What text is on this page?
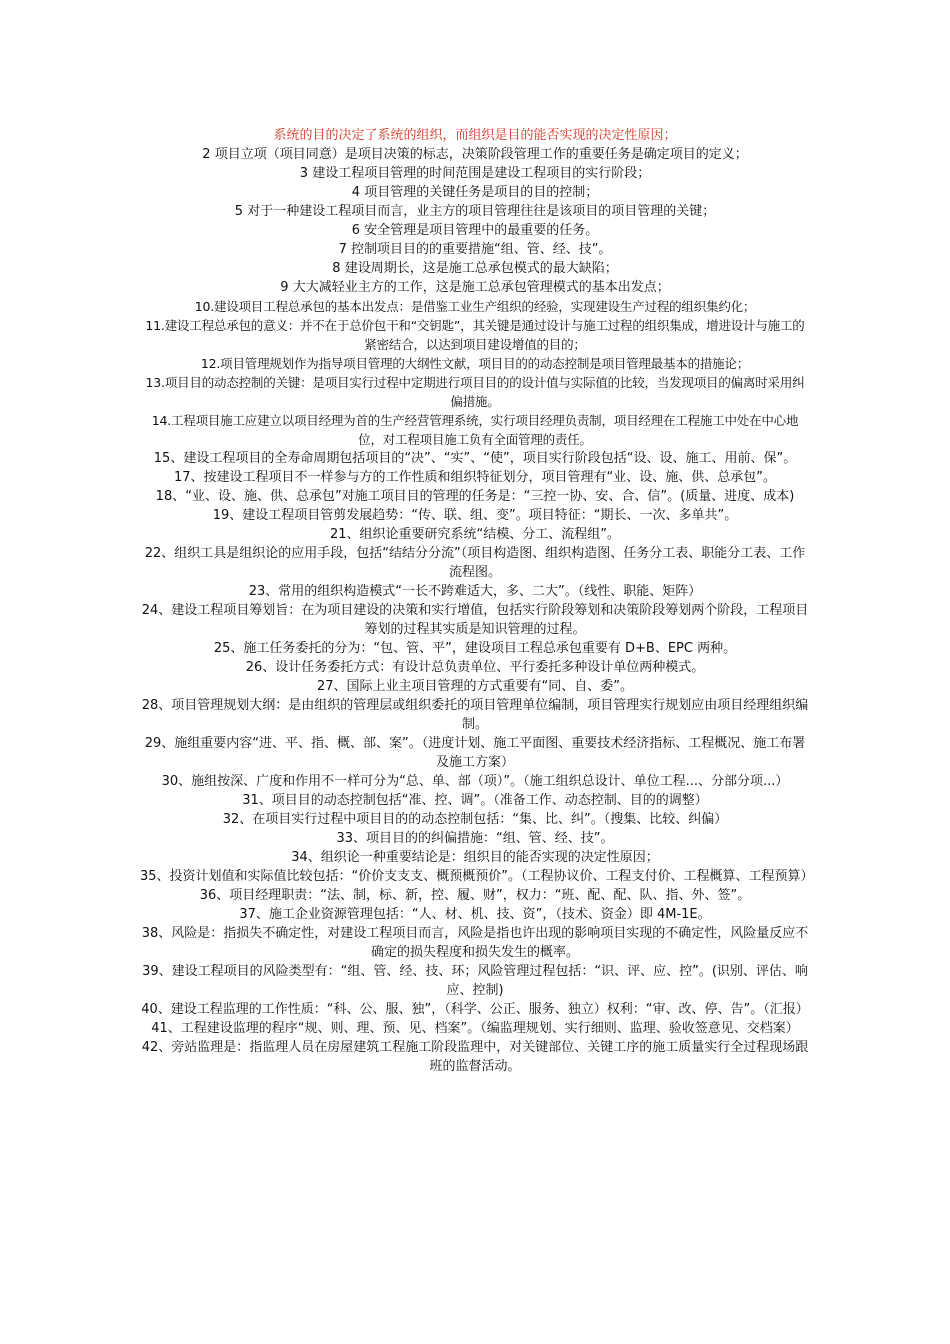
系统的目的决定了系统的组织，而组织是目的能否实现的决定性原因；

2 项目立项（项目同意）是项目决策的标志，决策阶段管理工作的重要任务是确定项目的定义；

3 建设工程项目管理的时间范围是建设工程项目的实行阶段；

4 项目管理的关键任务是项目的目的控制；

5 对于一种建设工程项目而言，业主方的项目管理往往是该项目的项目管理的关键；

6 安全管理是项目管理中的最重要的任务。

7 控制项目目的的重要措施“组、管、经、技”。

8 建设周期长，这是施工总承包模式的最大缺陷；

9 大大减轻业主方的工作，这是施工总承包管理模式的基本出发点；

10.建设项目工程总承包的基本出发点：是借鉴工业生产组织的经验，实现建设生产过程的组织集约化；

11.建设工程总承包的意义：并不在于总价包干和“交钥匙”，其关键是通过设计与施工过程的组织集成，增进设计与施工的紧密结合，以达到项目建设增值的目的；

12.项目管理规划作为指导项目管理的大纲性文献，项目目的的动态控制是项目管理最基本的措施论；

13.项目目的动态控制的关键：是项目实行过程中定期进行项目目的的设计值与实际值的比较，当发现项目的偏离时采用纠偏措施。

14.工程项目施工应建立以项目经理为首的生产经营管理系统，实行项目经理负责制，项目经理在工程施工中处在中心地位，对工程项目施工负有全面管理的责任。

15、建设工程项目的全寿命周期包括项目的“决”、“实”、“使”，项目实行阶段包括“设、设、施工、用前、保”。

17、按建设工程项目不一样参与方的工作性质和组织特征划分，项目管理有“业、设、施、供、总承包”。

18、“业、设、施、供、总承包”对施工项目目的管理的任务是：“三控一协、安、合、信”。(质量、进度、成本)

19、建设工程项目管剪发展趋势：“传、联、组、变”。项目特征：“期长、一次、多单共”。

21、组织论重要研究系统“结模、分工、流程组”。

22、组织工具是组织论的应用手段，包括“结结分分流”（项目构造图、组织构造图、任务分工表、职能分工表、工作流程图。

23、常用的组织构造模式“一长不跨难适大，多、二大”。（线性、职能、矩阵）

24、建设工程项目筹划旨：在为项目建设的决策和实行增值，包括实行阶段筹划和决策阶段筹划两个阶段，工程项目筹划的过程其实质是知识管理的过程。

25、施工任务委托的分为：“包、管、平”，建设项目工程总承包重要有 D+B、EPC 两种。

26、设计任务委托方式：有设计总负责单位、平行委托多种设计单位两种模式。

27、国际上业主项目管理的方式重要有“同、自、委”。

28、项目管理规划大纲：是由组织的管理层或组织委托的项目管理单位编制，项目管理实行规划应由项目经理组织编制。

29、施组重要内容“进、平、指、概、部、案”。（进度计划、施工平面图、重要技术经济指标、工程概况、施工布署及施工方案）

30、施组按深、广度和作用不一样可分为“总、单、部（项）”。（施工组织总设计、单位工程...、分部分项...）

31、项目目的动态控制包括“准、控、调”。（准备工作、动态控制、目的的调整）

32、在项目实行过程中项目目的的动态控制包括：“集、比、纠”。（搜集、比较、纠偏）

33、项目目的的纠偏措施：“组、管、经、技”。

34、组织论一种重要结论是：组织目的能否实现的决定性原因；

35、投资计划值和实际值比较包括：“价价支支支、概预概预价”。（工程协议价、工程支付价、工程概算、工程预算）

36、项目经理职责：“法、制，标、新，控、履、财”，权力：“班、配、配、队、指、外、签”。

37、施工企业资源管理包括：“人、材、机、技、资”，（技术、资金）即 4M-1E。

38、风险是：指损失不确定性，对建设工程项目而言，风险是指也许出现的影响项目实现的不确定性，风险量反应不确定的损失程度和损失发生的概率。

39、建设工程项目的风险类型有：“组、管、经、技、环；风险管理过程包括：“识、评、应、控”。(识别、评估、响应、控制)

40、建设工程监理的工作性质：“科、公、服、独”，（科学、公正、服务、独立）权利：“审、改、停、告”。（汇报）

41、工程建设监理的程序“规、则、理、预、见、档案”。（编监理规划、实行细则、监理、验收签意见、交档案）

42、旁站监理是：指监理人员在房屋建筑工程施工阶段监理中，对关键部位、关键工序的施工质量实行全过程现场跟班的监督活动。
